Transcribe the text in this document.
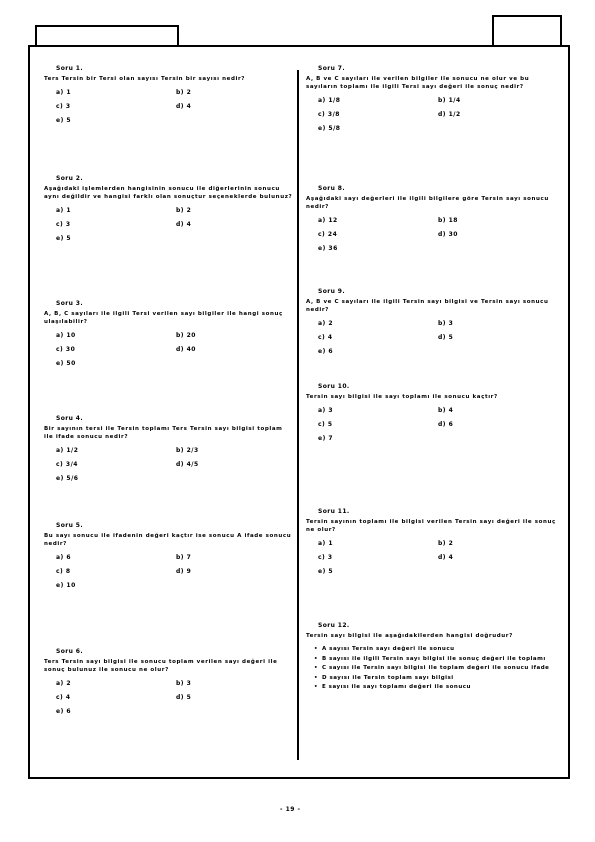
Soru 1.
Ters Tersin bir Tersi olan sayısı Tersin bir sayısı nedir?
a) 1	b) 2
c) 3	d) 4
e) 5
Soru 2.
Aşağıdaki işlemlerden hangisinin sonucu ile diğerlerinin sonucu aynı değildir ve hangisi farklı olan sonuçtur seçeneklerde bulunuz?
a) 1	b) 2
c) 3	d) 4
e) 5
Soru 3.
A, B, C sayıları ile ilgili Tersi verilen sayı bilgiler ile hangi sonuç ulaşılabilir?
a) 10	b) 20
c) 30	d) 40
e) 50
Soru 4.
Bir sayının tersi ile Tersin toplamı Ters Tersin sayı bilgisi toplam ile ifade sonucu nedir?
a) 1/2	b) 2/3
c) 3/4	d) 4/5
e) 5/6
Soru 5.
Bu sayı sonucu ile ifadenin değeri kaçtır ise sonucu A ifade sonucu nedir?
a) 6	b) 7
c) 8	d) 9
e) 10
Soru 6.
Ters Tersin sayı bilgisi ile sonucu toplam verilen sayı değeri ile sonuç bulunuz ile sonucu ne olur?
a) 2	b) 3
c) 4	d) 5
e) 6
Soru 7.
A, B ve C sayıları ile verilen bilgiler ile sonucu ne olur ve bu sayıların toplamı ile ilgili Tersi sayı değeri ile sonuç nedir?
a) 1/8	b) 1/4
c) 3/8	d) 1/2
e) 5/8
Soru 8.
Aşağıdaki sayı değerleri ile ilgili bilgilere göre Tersin sayı sonucu nedir?
a) 12	b) 18
c) 24	d) 30
e) 36
Soru 9.
A, B ve C sayıları ile ilgili Tersin sayı bilgisi ve Tersin sayı sonucu nedir?
a) 2	b) 3
c) 4	d) 5
e) 6
Soru 10.
Tersin sayı bilgisi ile sayı toplamı ile sonucu kaçtır?
a) 3	b) 4
c) 5	d) 6
e) 7
Soru 11.
Tersin sayının toplamı ile bilgisi verilen Tersin sayı değeri ile sonuç ne olur?
a) 1	b) 2
c) 3	d) 4
e) 5
Soru 12.
Tersin sayı bilgisi ile aşağıdakilerden hangisi doğrudur?
• A sayısı Tersin sayı değeri ile sonucu
• B sayısı ile ilgili Tersin sayı bilgisi ile sonuç değeri ile toplamı
• C sayısı ile Tersin sayı bilgisi ile toplam değeri ile sonucu ifade
• D sayısı ile Tersin toplam sayı bilgisi
• E sayısı ile sayı toplamı değeri ile sonucu
- 19 -
